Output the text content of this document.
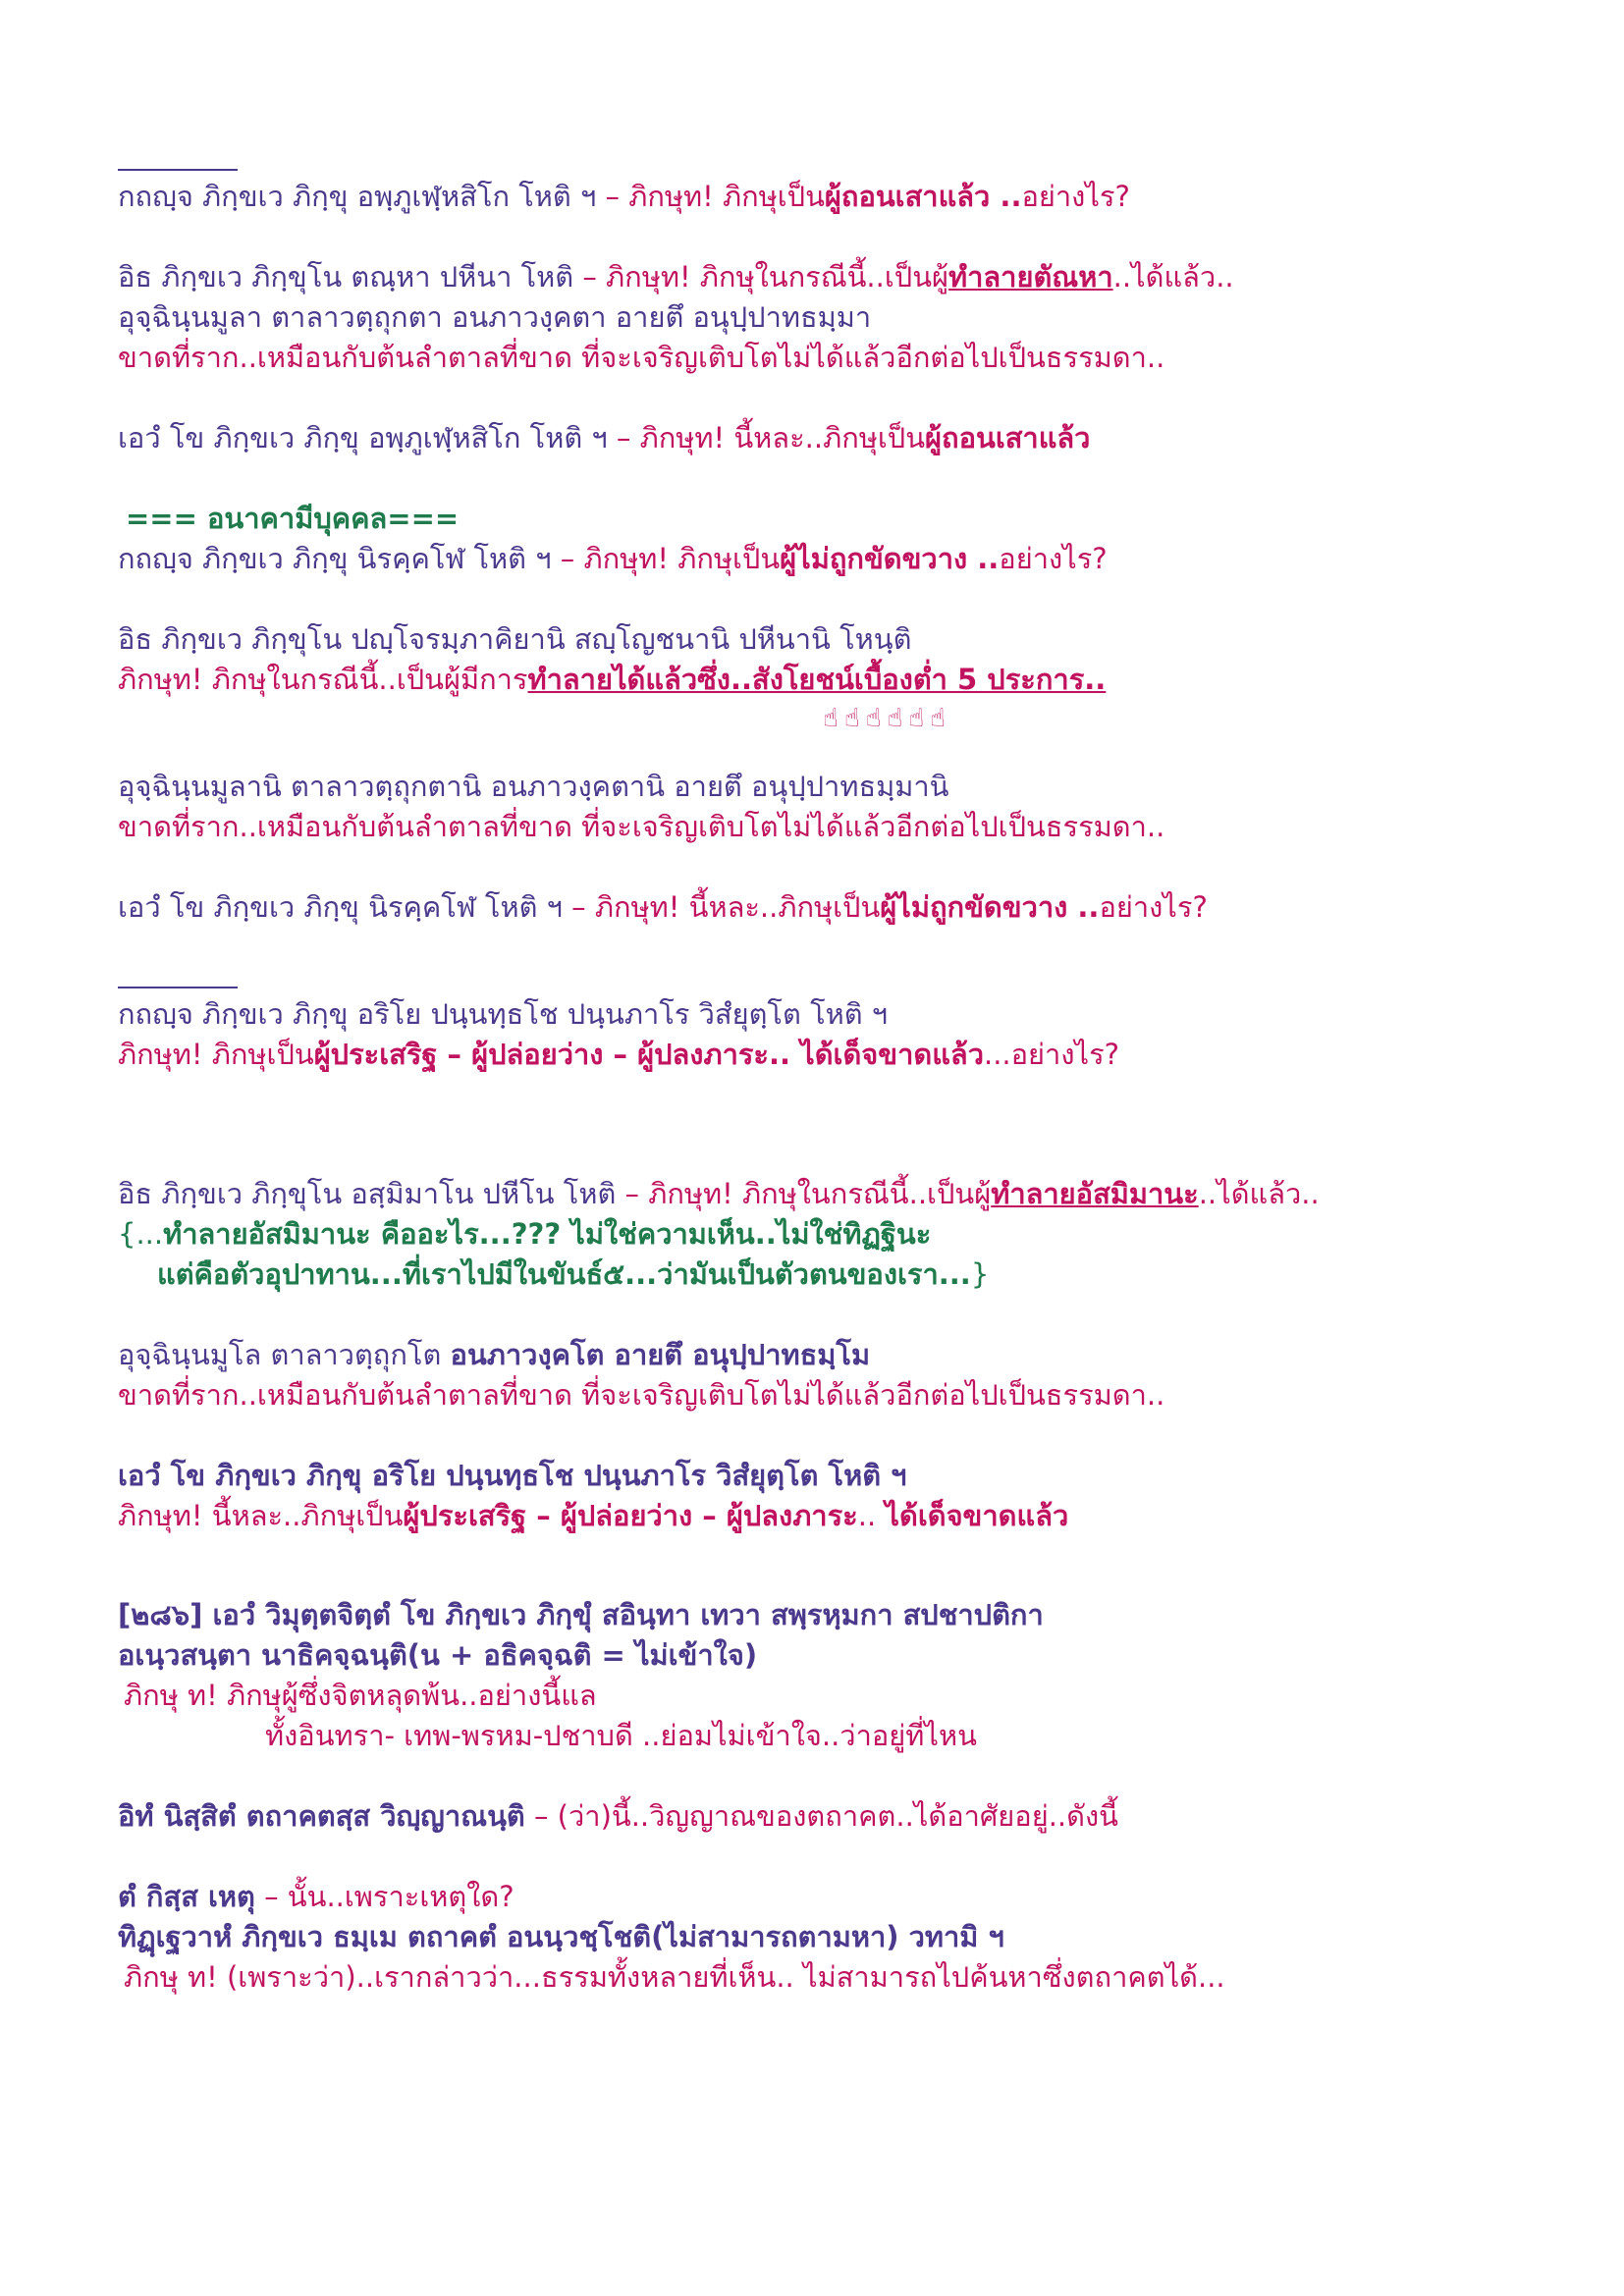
กถญฺจ ภิกฺขเว ภิกฺขุ อพฺภูเฬฺหสิโก โหติ ฯ – ภิกษุท! ภิกษุเป็นผู้ถอนเสาแล้ว ..อย่างไร?
อิธ ภิกฺขเว ภิกฺขุโน ตณฺหา ปหีนา โหติ – ภิกษุท! ภิกษุในกรณีนี้..เป็นผู้ทำลายตัณหา..ได้แล้ว..
อุจฺฉินฺนมูลา ตาลาวตฺถุกตา อนภาวงฺคตา อายตึ อนุปฺปาทธมฺมา
ขาดที่ราก..เหมือนกับต้นลำตาลที่ขาด ที่จะเจริญเติบโตไม่ได้แล้วอีกต่อไปเป็นธรรมดา..
เอวํ โข ภิกฺขเว ภิกฺขุ อพฺภูเฬฺหสิโก โหติ ฯ – ภิกษุท! นี้หละ..ภิกษุเป็นผู้ถอนเสาแล้ว
=== อนาคามีบุคคล===
กถญฺจ ภิกฺขเว ภิกฺขุ นิรคฺคโฬ โหติ ฯ – ภิกษุท! ภิกษุเป็นผู้ไม่ถูกขัดขวาง ..อย่างไร?
อิธ ภิกฺขเว ภิกฺขุโน ปญฺโจรมฺภาคิยานิ สญฺโญชนานิ ปหีนานิ โหนฺติ
ภิกษุท! ภิกษุในกรณีนี้..เป็นผู้มีการทำลายได้แล้วซึ่ง..สังโยชน์เบื้องต่ำ 5 ประการ..
☝☝☝☝☝☝
อุจฺฉินฺนมูลานิ ตาลาวตฺถุกตานิ อนภาวงฺคตานิ อายตึ อนุปฺปาทธมฺมานิ
ขาดที่ราก..เหมือนกับต้นลำตาลที่ขาด ที่จะเจริญเติบโตไม่ได้แล้วอีกต่อไปเป็นธรรมดา..
เอวํ โข ภิกฺขเว ภิกฺขุ นิรคฺคโฬ โหติ ฯ – ภิกษุท! นี้หละ..ภิกษุเป็นผู้ไม่ถูกขัดขวาง ..อย่างไร?
กถญฺจ ภิกฺขเว ภิกฺขุ อริโย ปนฺนทฺธโช ปนฺนภาโร วิสํยุตฺโต โหติ ฯ
ภิกษุท! ภิกษุเป็นผู้ประเสริฐ – ผู้ปล่อยว่าง – ผู้ปลงภาระ.. ได้เด็จขาดแล้ว...อย่างไร?
อิธ ภิกฺขเว ภิกฺขุโน อสฺมิมาโน ปหีโน โหติ – ภิกษุท! ภิกษุในกรณีนี้..เป็นผู้ทำลายอัสมิมานะ..ได้แล้ว..
{...ทำลายอัสมิมานะ คืออะไร...??? ไม่ใช่ความเห็น..ไม่ใช่ทิฏฐินะ
แต่คือตัวอุปาทาน...ที่เราไปมีในขันธ์๕...ว่ามันเป็นตัวตนของเรา...}
อุจฺฉินฺนมูโล ตาลาวตฺถุกโต อนภาวงฺคโต อายตึ อนุปฺปาทธมฺโม
ขาดที่ราก..เหมือนกับต้นลำตาลที่ขาด ที่จะเจริญเติบโตไม่ได้แล้วอีกต่อไปเป็นธรรมดา..
เอวํ โข ภิกฺขเว ภิกฺขุ อริโย ปนฺนทฺธโช ปนฺนภาโร วิสํยุตฺโต โหติ ฯ
ภิกษุท! นี้หละ..ภิกษุเป็นผู้ประเสริฐ – ผู้ปล่อยว่าง – ผู้ปลงภาระ.. ได้เด็จขาดแล้ว
[๒๘๖] เอวํ วิมุตฺตจิตฺตํ โข ภิกฺขเว ภิกฺขุํ สอินฺทา เทวา สพฺรหฺมกา สปชาปติกา
อเนฺวสนฺตา นาธิคจฺฉนฺติ(น + อธิคจฺฉติ = ไม่เข้าใจ)
ภิกษุ ท! ภิกษุผู้ซึ่งจิตหลุดพ้น..อย่างนี้แล
ทั้งอินทรา- เทพ-พรหม-ปชาบดี ..ย่อมไม่เข้าใจ..ว่าอยู่ที่ไหน
อิทํ นิสฺสิตํ ตถาคตสฺส วิญฺญาณนฺติ – (ว่า)นี้..วิญญาณของตถาคต..ได้อาศัยอยู่..ดังนี้
ตํ กิสฺส เหตุ – นั้น..เพราะเหตุใด?
ทิฏฺเฐวาหํ ภิกฺขเว ธมฺเม ตถาคตํ อนนฺวชฺโชติ(ไม่สามารถตามหา) วทามิ ฯ
ภิกษุ ท! (เพราะว่า)..เรากล่าวว่า...ธรรมทั้งหลายที่เห็น.. ไม่สามารถไปค้นหาซึ่งตถาคตได้...
